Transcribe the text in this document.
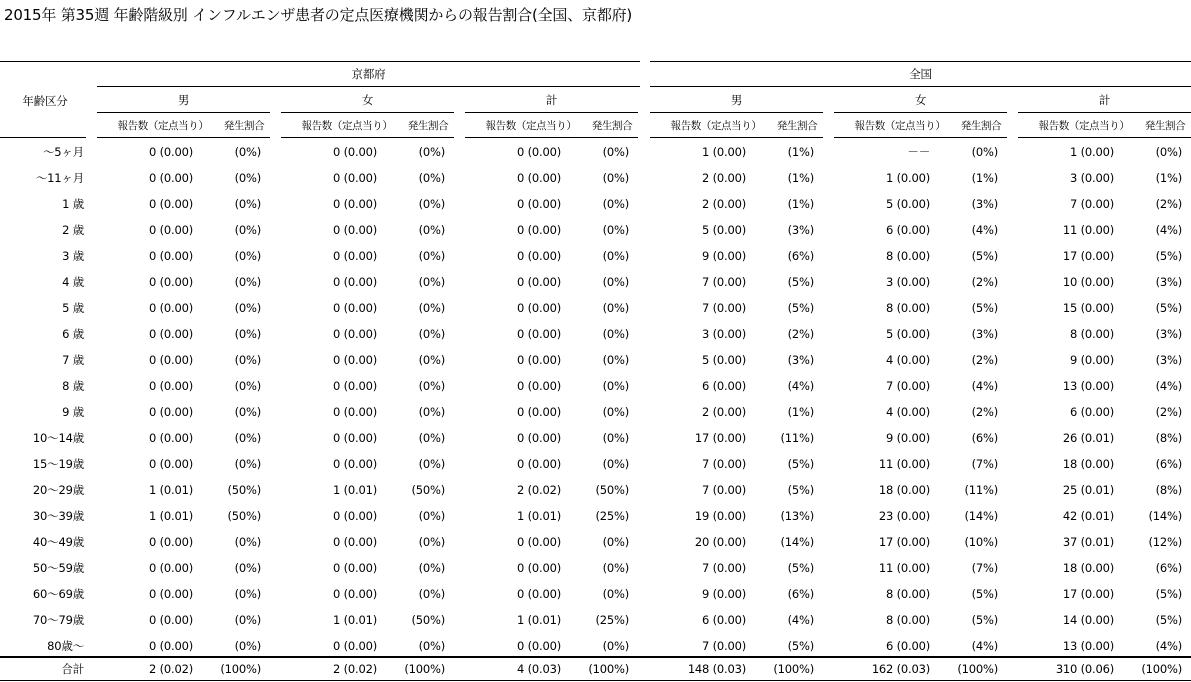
2015年 第35週 年齢階級別 インフルエンザ患者の定点医療機関からの報告割合(全国、京都府)
年齢区分
京都府	全国
男
報告数（定点当り）	発生割合
女
報告数（定点当り）	発生割合
計
報告数（定点当り）	発生割合
男
報告数（定点当り）	発生割合
女
報告数（定点当り）	発生割合
計
報告数（定点当り）	発生割合
～5ヶ月	0 (0.00)	(0%)	0 (0.00)	(0%)	0 (0.00)	(0%)	1 (0.00)	(1%)	－－	(0%)	1 (0.00)	(0%)
～11ヶ月	0 (0.00)	(0%)	0 (0.00)	(0%)	0 (0.00)	(0%)	2 (0.00)	(1%)	1 (0.00)	(1%)	3 (0.00)	(1%)
1 歳	0 (0.00)	(0%)	0 (0.00)	(0%)	0 (0.00)	(0%)	2 (0.00)	(1%)	5 (0.00)	(3%)	7 (0.00)	(2%)
2 歳	0 (0.00)	(0%)	0 (0.00)	(0%)	0 (0.00)	(0%)	5 (0.00)	(3%)	6 (0.00)	(4%)	11 (0.00)	(4%)
3 歳	0 (0.00)	(0%)	0 (0.00)	(0%)	0 (0.00)	(0%)	9 (0.00)	(6%)	8 (0.00)	(5%)	17 (0.00)	(5%)
4 歳	0 (0.00)	(0%)	0 (0.00)	(0%)	0 (0.00)	(0%)	7 (0.00)	(5%)	3 (0.00)	(2%)	10 (0.00)	(3%)
5 歳	0 (0.00)	(0%)	0 (0.00)	(0%)	0 (0.00)	(0%)	7 (0.00)	(5%)	8 (0.00)	(5%)	15 (0.00)	(5%)
6 歳	0 (0.00)	(0%)	0 (0.00)	(0%)	0 (0.00)	(0%)	3 (0.00)	(2%)	5 (0.00)	(3%)	8 (0.00)	(3%)
7 歳	0 (0.00)	(0%)	0 (0.00)	(0%)	0 (0.00)	(0%)	5 (0.00)	(3%)	4 (0.00)	(2%)	9 (0.00)	(3%)
8 歳	0 (0.00)	(0%)	0 (0.00)	(0%)	0 (0.00)	(0%)	6 (0.00)	(4%)	7 (0.00)	(4%)	13 (0.00)	(4%)
9 歳	0 (0.00)	(0%)	0 (0.00)	(0%)	0 (0.00)	(0%)	2 (0.00)	(1%)	4 (0.00)	(2%)	6 (0.00)	(2%)
10～14歳	0 (0.00)	(0%)	0 (0.00)	(0%)	0 (0.00)	(0%)	17 (0.00)	(11%)	9 (0.00)	(6%)	26 (0.01)	(8%)
15～19歳	0 (0.00)	(0%)	0 (0.00)	(0%)	0 (0.00)	(0%)	7 (0.00)	(5%)	11 (0.00)	(7%)	18 (0.00)	(6%)
20～29歳	1 (0.01)	(50%)	1 (0.01)	(50%)	2 (0.02)	(50%)	7 (0.00)	(5%)	18 (0.00)	(11%)	25 (0.01)	(8%)
30～39歳	1 (0.01)	(50%)	0 (0.00)	(0%)	1 (0.01)	(25%)	19 (0.00)	(13%)	23 (0.00)	(14%)	42 (0.01)	(14%)
40～49歳	0 (0.00)	(0%)	0 (0.00)	(0%)	0 (0.00)	(0%)	20 (0.00)	(14%)	17 (0.00)	(10%)	37 (0.01)	(12%)
50～59歳	0 (0.00)	(0%)	0 (0.00)	(0%)	0 (0.00)	(0%)	7 (0.00)	(5%)	11 (0.00)	(7%)	18 (0.00)	(6%)
60～69歳	0 (0.00)	(0%)	0 (0.00)	(0%)	0 (0.00)	(0%)	9 (0.00)	(6%)	8 (0.00)	(5%)	17 (0.00)	(5%)
70～79歳	0 (0.00)	(0%)	1 (0.01)	(50%)	1 (0.01)	(25%)	6 (0.00)	(4%)	8 (0.00)	(5%)	14 (0.00)	(5%)
80歳～	0 (0.00)	(0%)	0 (0.00)	(0%)	0 (0.00)	(0%)	7 (0.00)	(5%)	6 (0.00)	(4%)	13 (0.00)	(4%)
合計	2 (0.02)	(100%)	2 (0.02)	(100%)	4 (0.03)	(100%)	148 (0.03)	(100%)	162 (0.03)	(100%)	310 (0.06)	(100%)
